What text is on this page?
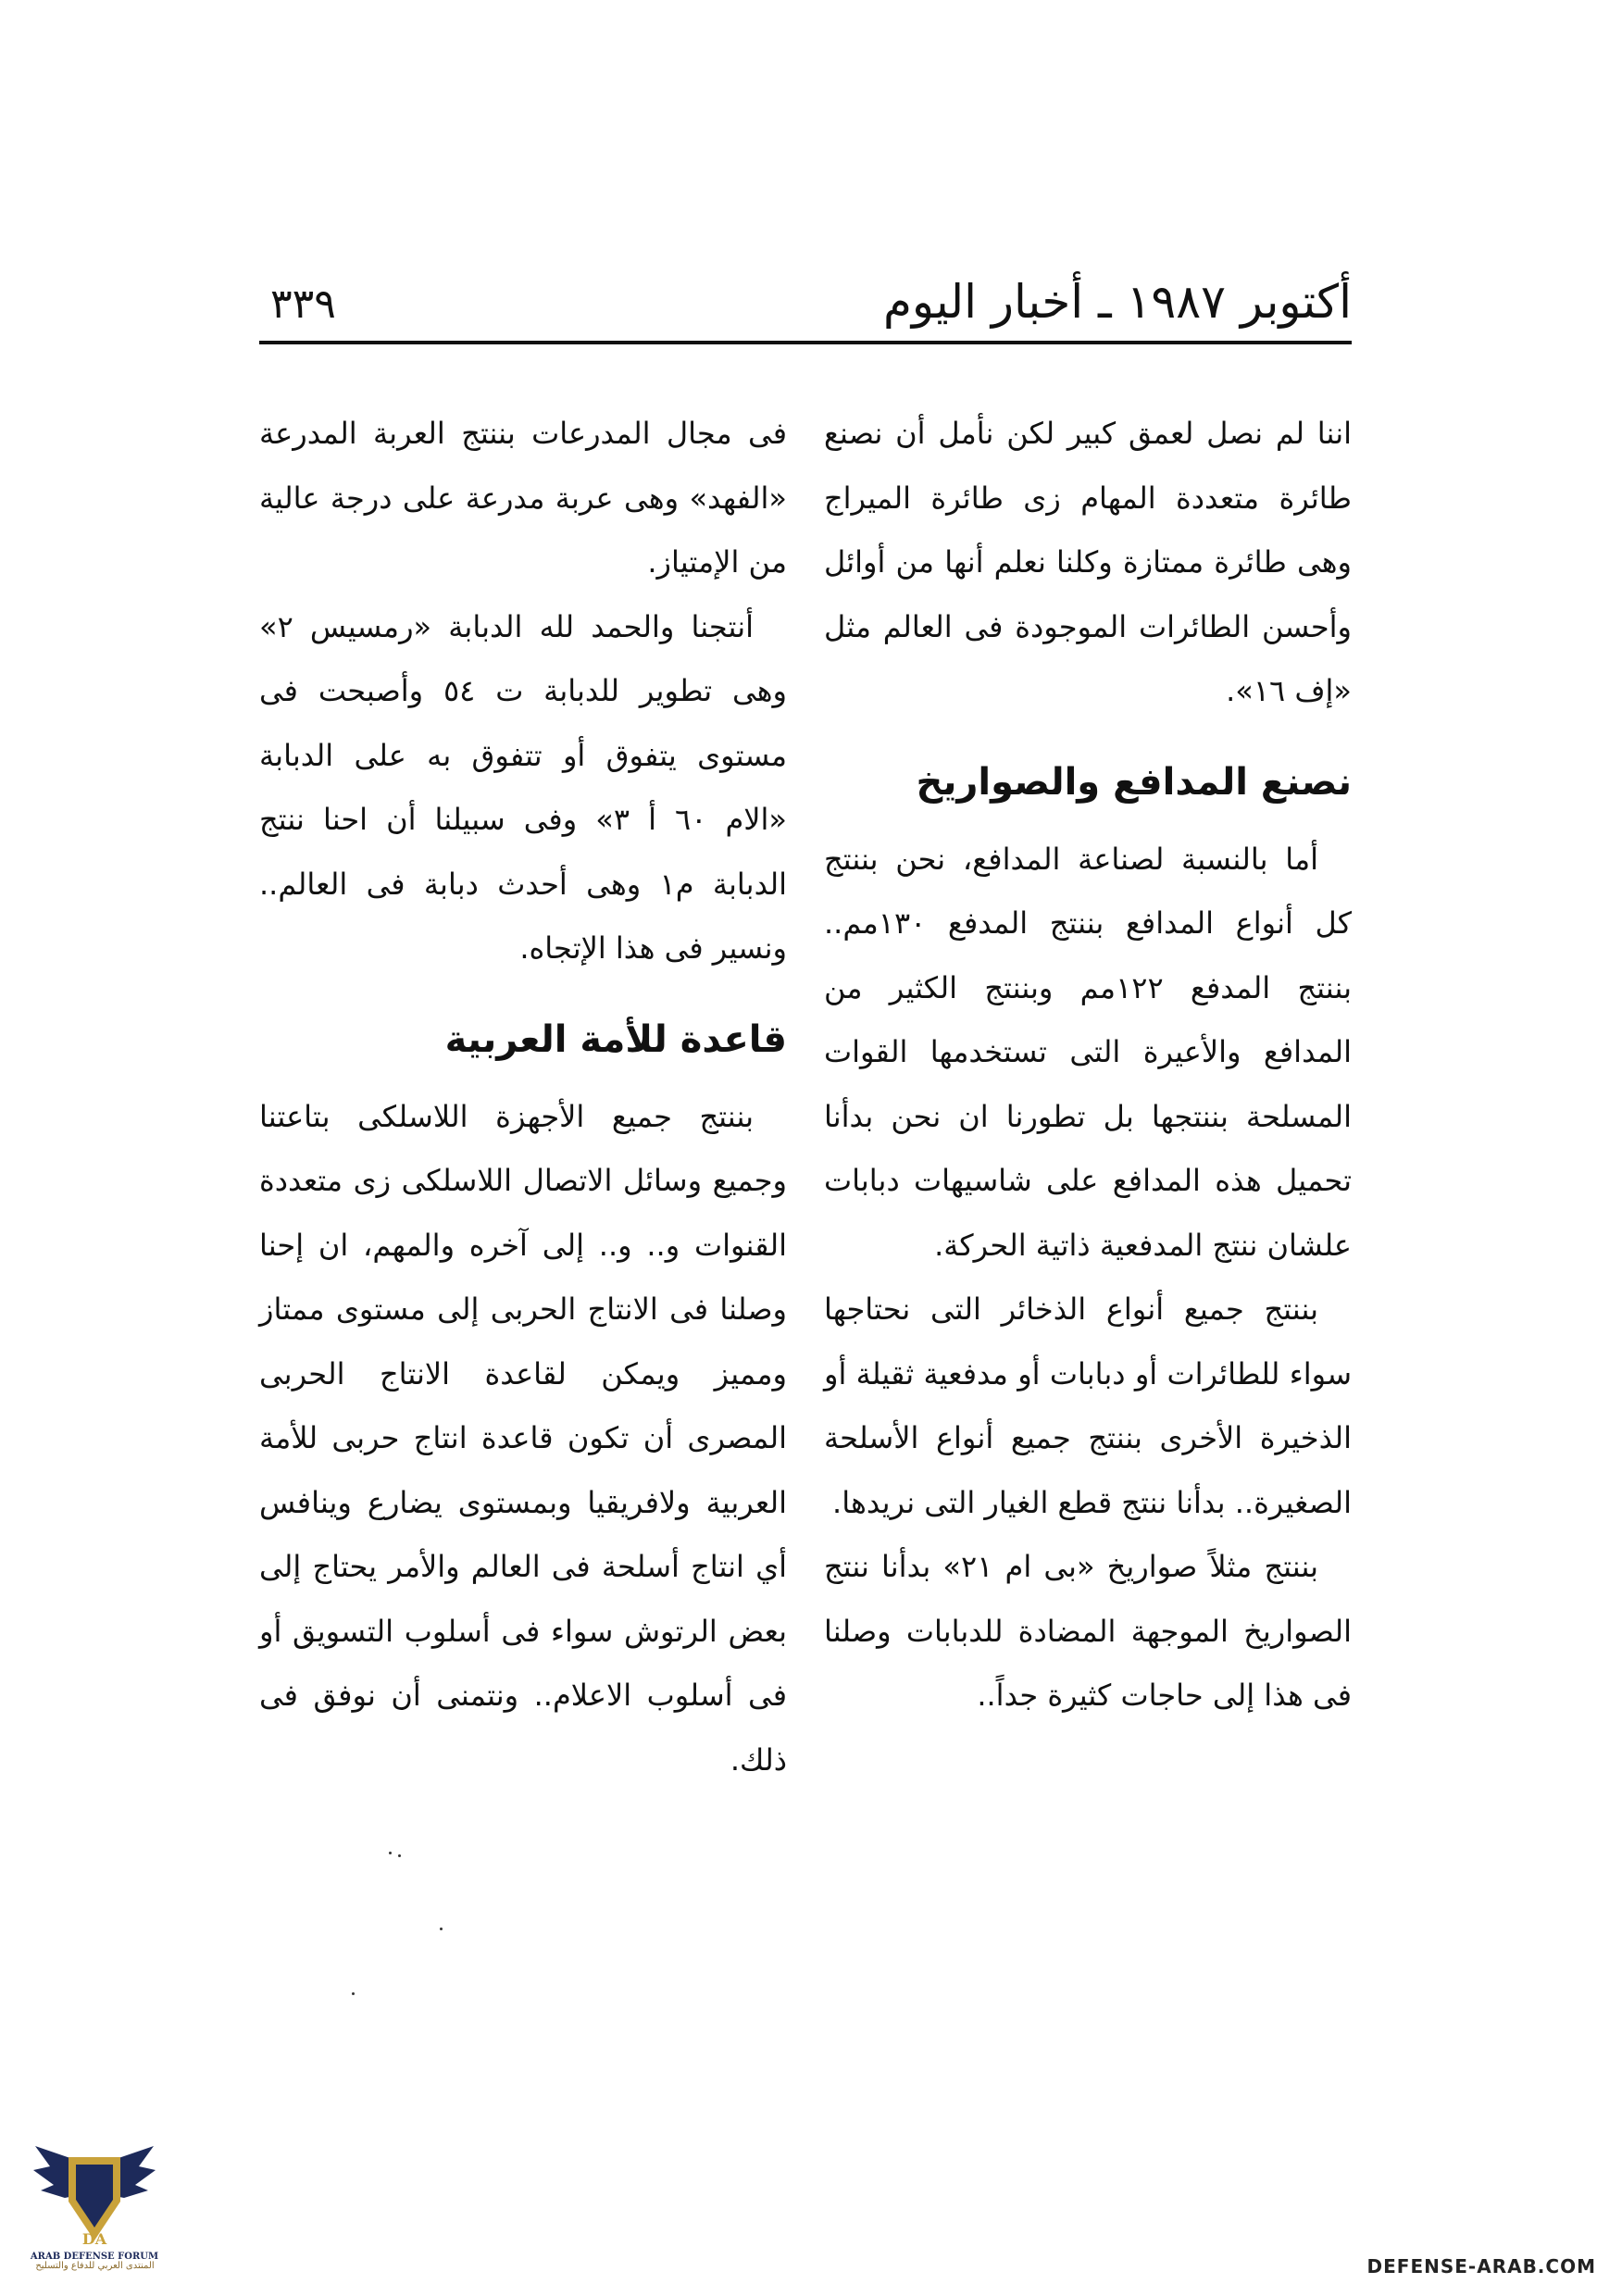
أكتوبر ١٩٨٧ ـ أخبار اليوم
٣٣٩

اننا لم نصل لعمق كبير لكن نأمل أن نصنع طائرة متعددة المهام زى طائرة الميراج وهى طائرة ممتازة وكلنا نعلم أنها من أوائل وأحسن الطائرات الموجودة فى العالم مثل «إف ١٦».

نصنع المدافع والصواريخ

أما بالنسبة لصناعة المدافع، نحن بننتج كل أنواع المدافع بننتج المدفع ١٣٠مم.. بننتج المدفع ١٢٢مم وبننتج الكثير من المدافع والأعيرة التى تستخدمها القوات المسلحة بننتجها بل تطورنا ان نحن بدأنا تحميل هذه المدافع على شاسيهات دبابات علشان ننتج المدفعية ذاتية الحركة.

بننتج جميع أنواع الذخائر التى نحتاجها سواء للطائرات أو دبابات أو مدفعية ثقيلة أو الذخيرة الأخرى بننتج جميع أنواع الأسلحة الصغيرة.. بدأنا ننتج قطع الغيار التى نريدها.

بننتج مثلاً صواريخ «بى ام ٢١» بدأنا ننتج الصواريخ الموجهة المضادة للدبابات وصلنا فى هذا إلى حاجات كثيرة جداً..

فى مجال المدرعات بننتج العربة المدرعة «الفهد» وهى عربة مدرعة على درجة عالية من الإمتياز.

أنتجنا والحمد لله الدبابة «رمسيس ٢» وهى تطوير للدبابة ت ٥٤ وأصبحت فى مستوى يتفوق أو تتفوق به على الدبابة «الام ٦٠ أ ٣» وفى سبيلنا أن احنا ننتج الدبابة م١ وهى أحدث دبابة فى العالم.. ونسير فى هذا الإتجاه.

قاعدة للأمة العربية

بننتج جميع الأجهزة اللاسلكى بتاعتنا وجميع وسائل الاتصال اللاسلكى زى متعددة القنوات و.. و.. إلى آخره والمهم، ان إحنا وصلنا فى الانتاج الحربى إلى مستوى ممتاز ومميز ويمكن لقاعدة الانتاج الحربى المصرى أن تكون قاعدة انتاج حربى للأمة العربية ولافريقيا وبمستوى يضارع وينافس أي انتاج أسلحة فى العالم والأمر يحتاج إلى بعض الرتوش سواء فى أسلوب التسويق أو فى أسلوب الاعلام.. ونتمنى أن نوفق فى ذلك.

DA
ARAB DEFENSE FORUM
المنتدى العربي للدفاع والتسليح	DEFENSE-ARAB.COM
